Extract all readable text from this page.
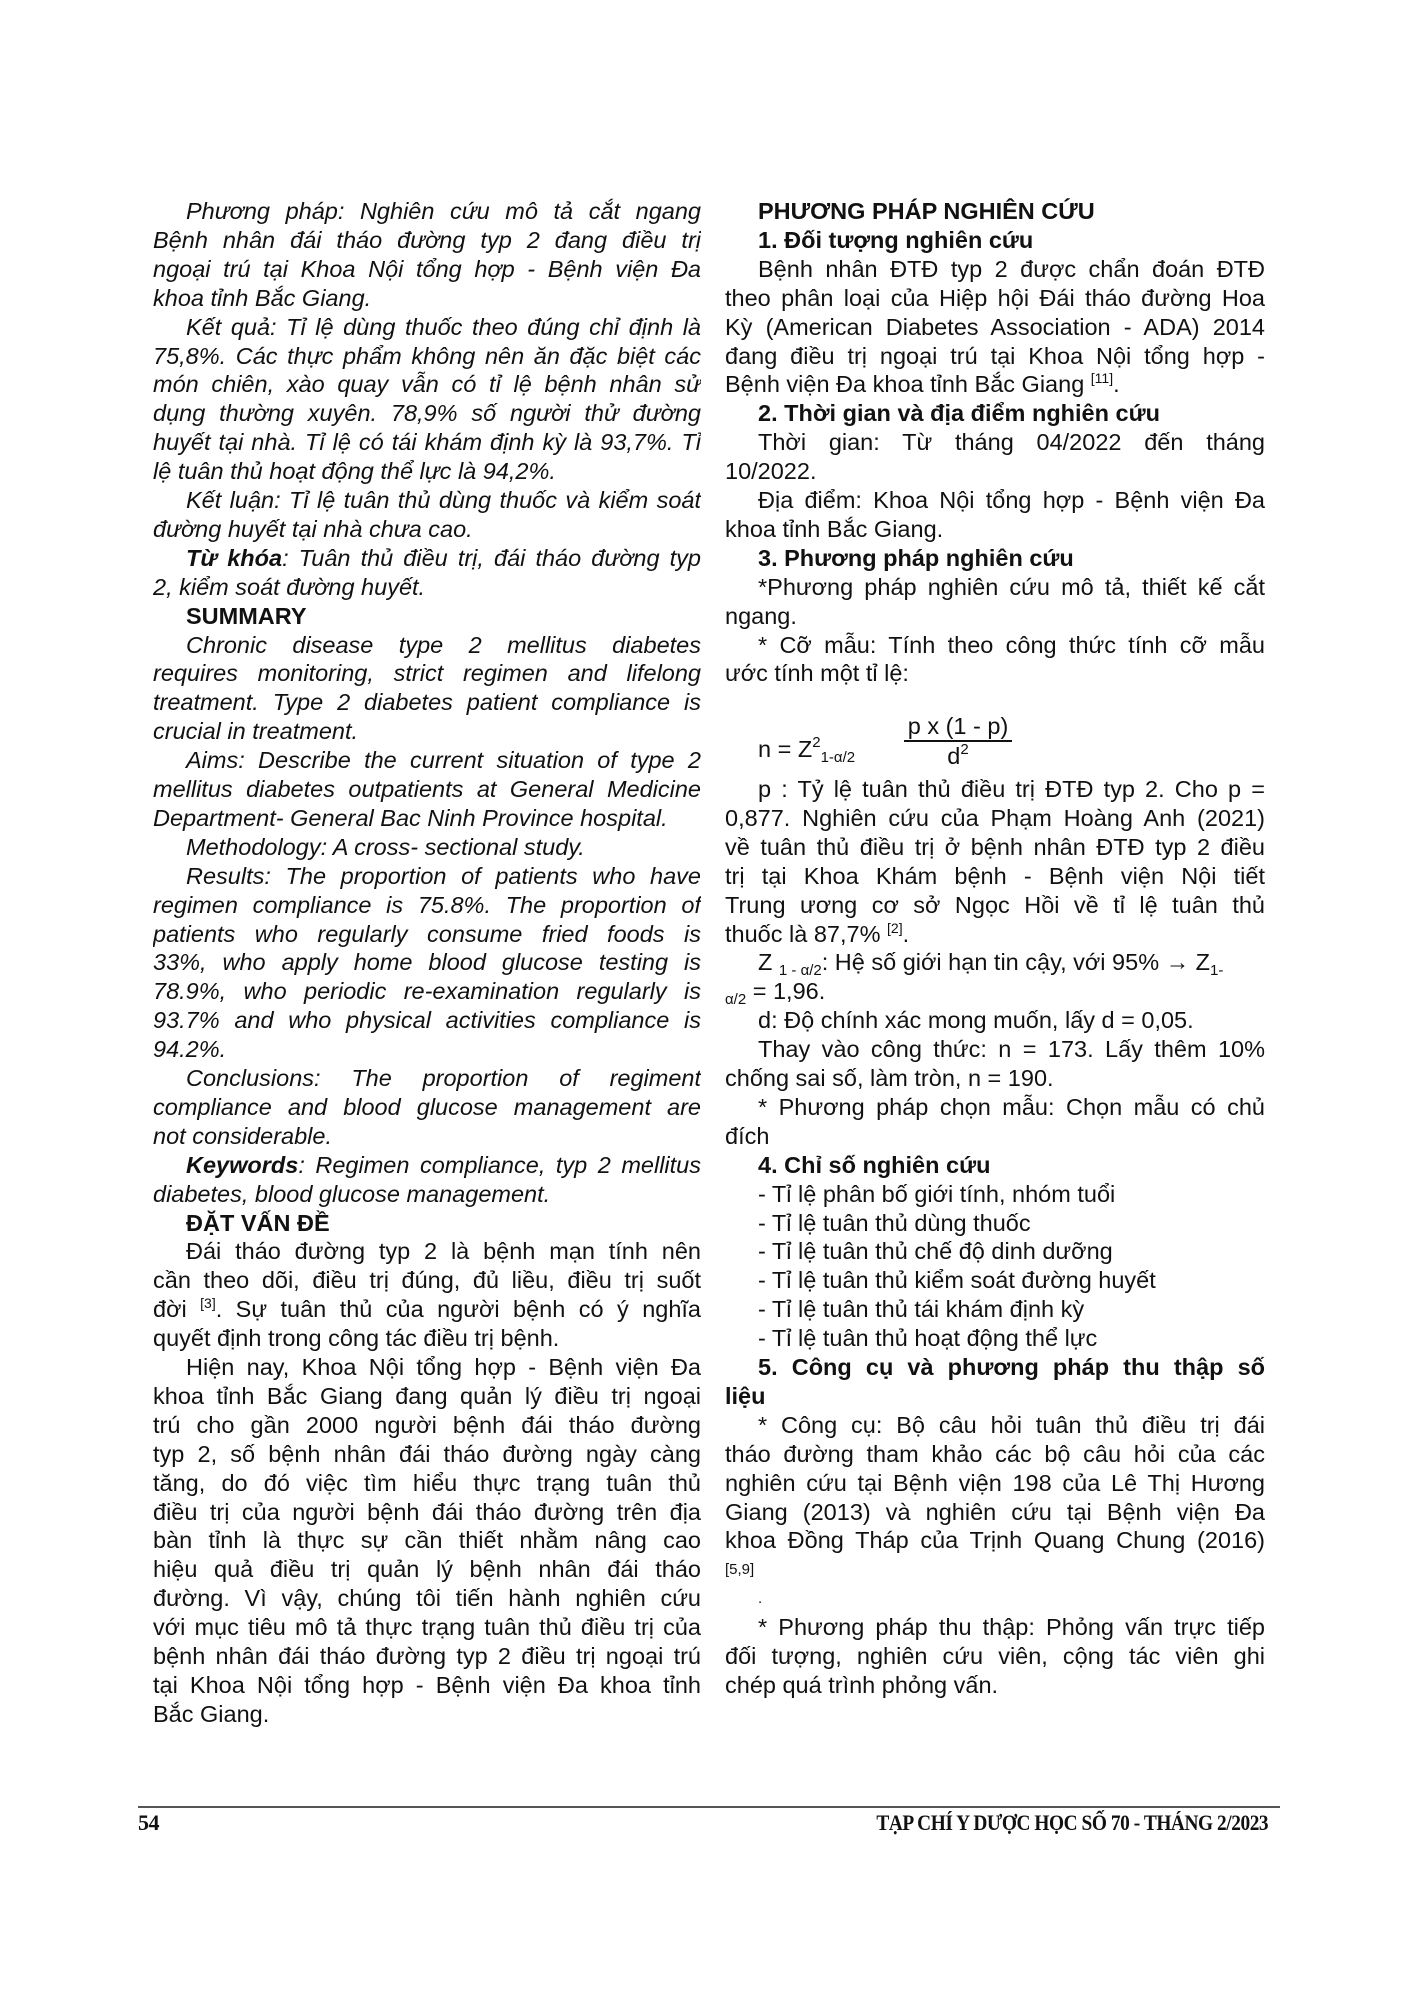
Phương pháp: Nghiên cứu mô tả cắt ngang
Bệnh nhân đái tháo đường typ 2 đang điều trị
ngoại trú tại Khoa Nội tổng hợp - Bệnh viện Đa
khoa tỉnh Bắc Giang.
Kết quả: Tỉ lệ dùng thuốc theo đúng chỉ định là
75,8%. Các thực phẩm không nên ăn đặc biệt các
món chiên, xào quay vẫn có tỉ lệ bệnh nhân sử
dụng thường xuyên. 78,9% số người thử đường
huyết tại nhà. Tỉ lệ có tái khám định kỳ là 93,7%. Tỉ
lệ tuân thủ hoạt động thể lực là 94,2%.
Kết luận: Tỉ lệ tuân thủ dùng thuốc và kiểm soát
đường huyết tại nhà chưa cao.
Từ khóa: Tuân thủ điều trị, đái tháo đường typ
2, kiểm soát đường huyết.
SUMMARY
Chronic disease type 2 mellitus diabetes
requires monitoring, strict regimen and lifelong
treatment. Type 2 diabetes patient compliance is
crucial in treatment.
Aims: Describe the current situation of type 2
mellitus diabetes outpatients at General Medicine
Department- General Bac Ninh Province hospital.
Methodology: A cross- sectional study.
Results: The proportion of patients who have
regimen compliance is 75.8%. The proportion of
patients who regularly consume fried foods is
33%, who apply home blood glucose testing is
78.9%, who periodic re-examination regularly is
93.7% and who physical activities compliance is
94.2%.
Conclusions: The proportion of regiment
compliance and blood glucose management are
not considerable.
Keywords: Regimen compliance, typ 2 mellitus
diabetes, blood glucose management.
ĐẶT VẤN ĐỀ
Đái tháo đường typ 2 là bệnh mạn tính nên
cần theo dõi, điều trị đúng, đủ liều, điều trị suốt
đời [3]. Sự tuân thủ của người bệnh có ý nghĩa
quyết định trong công tác điều trị bệnh.
Hiện nay, Khoa Nội tổng hợp - Bệnh viện Đa
khoa tỉnh Bắc Giang đang quản lý điều trị ngoại
trú cho gần 2000 người bệnh đái tháo đường
typ 2, số bệnh nhân đái tháo đường ngày càng
tăng, do đó việc tìm hiểu thực trạng tuân thủ
điều trị của người bệnh đái tháo đường trên địa
bàn tỉnh là thực sự cần thiết nhằm nâng cao
hiệu quả điều trị quản lý bệnh nhân đái tháo
đường. Vì vậy, chúng tôi tiến hành nghiên cứu
với mục tiêu mô tả thực trạng tuân thủ điều trị của
bệnh nhân đái tháo đường typ 2 điều trị ngoại trú
tại Khoa Nội tổng hợp - Bệnh viện Đa khoa tỉnh
Bắc Giang.
$n = Z^2_{1-\alpha/2} \frac{\text{p x (1 - p)}}{d^2}$
PHƯƠNG PHÁP NGHIÊN CỨU
1. Đối tượng nghiên cứu
Bệnh nhân ĐTĐ typ 2 được chẩn đoán ĐTĐ
theo phân loại của Hiệp hội Đái tháo đường Hoa
Kỳ (American Diabetes Association - ADA) 2014
đang điều trị ngoại trú tại Khoa Nội tổng hợp -
Bệnh viện Đa khoa tỉnh Bắc Giang [11].
2. Thời gian và địa điểm nghiên cứu
Thời gian: Từ tháng 04/2022 đến tháng
10/2022.
Địa điểm: Khoa Nội tổng hợp - Bệnh viện Đa
khoa tỉnh Bắc Giang.
3. Phương pháp nghiên cứu
*Phương pháp nghiên cứu mô tả, thiết kế cắt
ngang.
* Cỡ mẫu: Tính theo công thức tính cỡ mẫu
ước tính một tỉ lệ:
p : Tỷ lệ tuân thủ điều trị ĐTĐ typ 2. Cho p =
0,877. Nghiên cứu của Phạm Hoàng Anh (2021)
về tuân thủ điều trị ở bệnh nhân ĐTĐ typ 2 điều
trị tại Khoa Khám bệnh - Bệnh viện Nội tiết
Trung ương cơ sở Ngọc Hồi về tỉ lệ tuân thủ
thuốc là 87,7% [2].
Z $_{1 - \alpha/2}$: Hệ số giới hạn tin cậy, với $95\% \to Z_{1-}$
$_{\alpha/2}$ = 1,96.
d: Độ chính xác mong muốn, lấy d = 0,05.
Thay vào công thức: n = 173. Lấy thêm 10%
chống sai số, làm tròn, n = 190.
* Phương pháp chọn mẫu: Chọn mẫu có chủ
đích
4. Chỉ số nghiên cứu
- Tỉ lệ phân bố giới tính, nhóm tuổi
- Tỉ lệ tuân thủ dùng thuốc
- Tỉ lệ tuân thủ chế độ dinh dưỡng
- Tỉ lệ tuân thủ kiểm soát đường huyết
- Tỉ lệ tuân thủ tái khám định kỳ
- Tỉ lệ tuân thủ hoạt động thể lực
5. Công cụ và phương pháp thu thập số
liệu
* Công cụ: Bộ câu hỏi tuân thủ điều trị đái
tháo đường tham khảo các bộ câu hỏi của các
nghiên cứu tại Bệnh viện 198 của Lê Thị Hương
Giang (2013) và nghiên cứu tại Bệnh viện Đa
khoa Đồng Tháp của Trịnh Quang Chung (2016)
[5,9]
.
* Phương pháp thu thập: Phỏng vấn trực tiếp
đối tượng, nghiên cứu viên, cộng tác viên ghi
chép quá trình phỏng vấn.
54	TẠP CHÍ Y DƯỢC HỌC SỐ 70 - THÁNG 2/2023
